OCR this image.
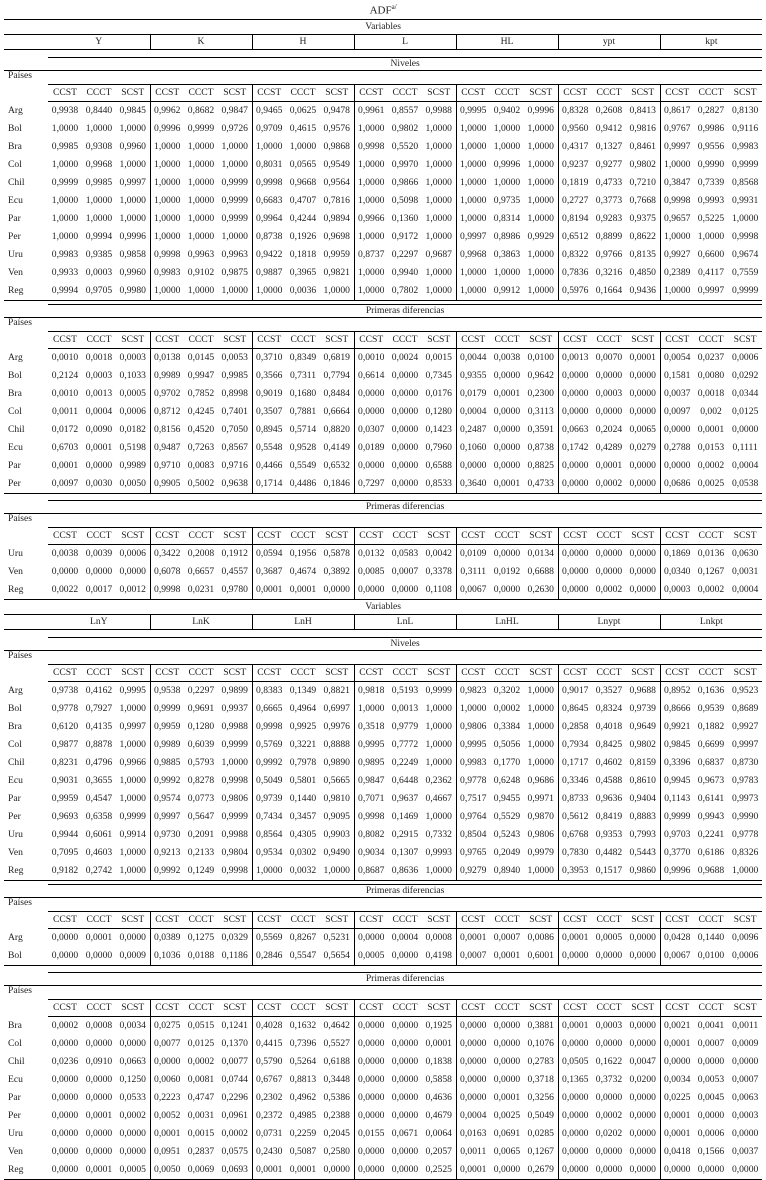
$ADF^{a/}$
Variables																					
	Y			K			H			L			HL			ypt			kpt		

	Niveles																				
Países																					
	CCST	CCCT	SCST	CCST	CCCT	SCST	CCST	CCCT	SCST	CCST	CCCT	SCST	CCST	CCCT	SCST	CCST	CCCT	SCST	CCST	CCCT	SCST
Arg	0,9938	0,8440	0,9845	0,9962	0,8682	0,9847	0,9465	0,0625	0,9478	0,9961	0,8557	0,9988	0,9995	0,9402	0,9996	0,8328	0,2608	0,8413	0,8617	0,2827	0,8130
Bol	1,0000	1,0000	1,0000	0,9996	0,9999	0,9726	0,9709	0,4615	0,9576	1,0000	0,9802	1,0000	1,0000	1,0000	1,0000	0,9560	0,9412	0,9816	0,9767	0,9986	0,9116
Bra	0,9985	0,9308	0,9960	1,0000	1,0000	1,0000	1,0000	1,0000	0,9868	0,9998	0,5520	1,0000	1,0000	1,0000	1,0000	0,4317	0,1327	0,8461	0,9997	0,9556	0,9983
Col	1,0000	0,9968	1,0000	1,0000	1,0000	1,0000	0,8031	0,0565	0,9549	1,0000	0,9970	1,0000	1,0000	0,9996	1,0000	0,9237	0,9277	0,9802	1,0000	0,9990	0,9999
Chil	0,9999	0,9985	0,9997	1,0000	1,0000	0,9999	0,9998	0,9668	0,9564	1,0000	0,9866	1,0000	1,0000	1,0000	1,0000	0,1819	0,4733	0,7210	0,3847	0,7339	0,8568
Ecu	1,0000	1,0000	1,0000	1,0000	1,0000	0,9999	0,6683	0,4707	0,7816	1,0000	0,5098	1,0000	1,0000	0,9735	1,0000	0,2727	0,3773	0,7668	0,9998	0,9993	0,9931
Par	1,0000	1,0000	1,0000	1,0000	1,0000	0,9999	0,9964	0,4244	0,9894	0,9966	0,1360	1,0000	1,0000	0,8314	1,0000	0,8194	0,9283	0,9375	0,9657	0,5225	1,0000
Per	1,0000	0,9994	0,9996	1,0000	1,0000	1,0000	0,8738	0,1926	0,9698	1,0000	0,9172	1,0000	0,9997	0,8986	0,9929	0,6512	0,8899	0,8622	1,0000	1,0000	0,9998
Uru	0,9983	0,9385	0,9858	0,9998	0,9963	0,9963	0,9422	0,1818	0,9959	0,8737	0,2297	0,9687	0,9968	0,3863	1,0000	0,8322	0,9766	0,8135	0,9927	0,6600	0,9674
Ven	0,9933	0,0003	0,9960	0,9983	0,9102	0,9875	0,9887	0,3965	0,9821	1,0000	0,9940	1,0000	1,0000	1,0000	1,0000	0,7836	0,3216	0,4850	0,2389	0,4117	0,7559
Reg	0,9994	0,9705	0,9980	1,0000	1,0000	1,0000	1,0000	0,0036	1,0000	1,0000	0,7802	1,0000	1,0000	0,9912	1,0000	0,5976	0,1664	0,9436	1,0000	0,9997	0,9999

	Primeras diferencias																				
Países																					
	CCST	CCCT	SCST	CCST	CCCT	SCST	CCST	CCCT	SCST	CCST	CCCT	SCST	CCST	CCCT	SCST	CCST	CCCT	SCST	CCST	CCCT	SCST
Arg	0,0010	0,0018	0,0003	0,0138	0,0145	0,0053	0,3710	0,8349	0,6819	0,0010	0,0024	0,0015	0,0044	0,0038	0,0100	0,0013	0,0070	0,0001	0,0054	0,0237	0,0006
Bol	0,2124	0,0003	0,1033	0,9989	0,9947	0,9985	0,3566	0,7311	0,7794	0,6614	0,0000	0,7345	0,9355	0,0000	0,9642	0,0000	0,0000	0,0000	0,1581	0,0080	0,0292
Bra	0,0010	0,0013	0,0005	0,9702	0,7852	0,8998	0,9019	0,1680	0,8484	0,0000	0,0000	0,0176	0,0179	0,0001	0,2300	0,0000	0,0003	0,0000	0,0037	0,0018	0,0344
Col	0,0011	0,0004	0,0006	0,8712	0,4245	0,7401	0,3507	0,7881	0,6664	0,0000	0,0000	0,1280	0,0004	0,0000	0,3113	0,0000	0,0000	0,0000	0,0097	0,002	0,0125
Chil	0,0172	0,0090	0,0182	0,8156	0,4520	0,7050	0,8945	0,5714	0,8820	0,0307	0,0000	0,1423	0,2487	0,0000	0,3591	0,0663	0,2024	0,0065	0,0000	0,0001	0,0000
Ecu	0,6703	0,0001	0,5198	0,9487	0,7263	0,8567	0,5548	0,9528	0,4149	0,0189	0,0000	0,7960	0,1060	0,0000	0,8738	0,1742	0,4289	0,0279	0,2788	0,0153	0,1111
Par	0,0001	0,0000	0,9989	0,9710	0,0083	0,9716	0,4466	0,5549	0,6532	0,0000	0,0000	0,6588	0,0000	0,0000	0,8825	0,0000	0,0001	0,0000	0,0000	0,0002	0,0004
Per	0,0097	0,0030	0,0050	0,9905	0,5002	0,9638	0,1714	0,4486	0,1846	0,7297	0,0000	0,8533	0,3640	0,0001	0,4733	0,0000	0,0002	0,0000	0,0686	0,0025	0,0538

	Primeras diferencias																				
Países																					
	CCST	CCCT	SCST	CCST	CCCT	SCST	CCST	CCCT	SCST	CCST	CCCT	SCST	CCST	CCCT	SCST	CCST	CCCT	SCST	CCST	CCCT	SCST
Uru	0,0038	0,0039	0,0006	0,3422	0,2008	0,1912	0,0594	0,1956	0,5878	0,0132	0,0583	0,0042	0,0109	0,0000	0,0134	0,0000	0,0000	0,0000	0,1869	0,0136	0,0630
Ven	0,0000	0,0000	0,0000	0,6078	0,6657	0,4557	0,3687	0,4674	0,3892	0,0085	0,0007	0,3378	0,3111	0,0192	0,6688	0,0000	0,0000	0,0000	0,0340	0,1267	0,0031
Reg	0,0022	0,0017	0,0012	0,9998	0,0231	0,9780	0,0001	0,0001	0,0000	0,0000	0,0000	0,1108	0,0067	0,0000	0,2630	0,0000	0,0002	0,0000	0,0003	0,0002	0,0004
Variables																					
	LnY			LnK			LnH			LnL			LnHL			Lnypt			Lnkpt		

	Niveles																				
Países																					
	CCST	CCCT	SCST	CCST	CCCT	SCST	CCST	CCCT	SCST	CCST	CCCT	SCST	CCST	CCCT	SCST	CCST	CCCT	SCST	CCST	CCCT	SCST
Arg	0,9738	0,4162	0,9995	0,9538	0,2297	0,9899	0,8383	0,1349	0,8821	0,9818	0,5193	0,9999	0,9823	0,3202	1,0000	0,9017	0,3527	0,9688	0,8952	0,1636	0,9523
Bol	0,9778	0,7927	1,0000	0,9999	0,9691	0,9937	0,6665	0,4964	0,6997	1,0000	0,0013	1,0000	1,0000	0,0002	1,0000	0,8645	0,8324	0,9739	0,8666	0,9539	0,8689
Bra	0,6120	0,4135	0,9997	0,9959	0,1280	0,9988	0,9998	0,9925	0,9976	0,3518	0,9779	1,0000	0,9806	0,3384	1,0000	0,2858	0,4018	0,9649	0,9921	0,1882	0,9927
Col	0,9877	0,8878	1,0000	0,9989	0,6039	0,9999	0,5769	0,3221	0,8888	0,9995	0,7772	1,0000	0,9995	0,5056	1,0000	0,7934	0,8425	0,9802	0,9845	0,6699	0,9997
Chil	0,8231	0,4796	0,9966	0,9885	0,5793	1,0000	0,9992	0,7978	0,9890	0,9895	0,2249	1,0000	0,9983	0,1770	1,0000	0,1717	0,4602	0,8159	0,3396	0,6837	0,8730
Ecu	0,9031	0,3655	1,0000	0,9992	0,8278	0,9998	0,5049	0,5801	0,5665	0,9847	0,6448	0,2362	0,9778	0,6248	0,9686	0,3346	0,4588	0,8610	0,9945	0,9673	0,9783
Par	0,9959	0,4547	1,0000	0,9574	0,0773	0,9806	0,9739	0,1440	0,9810	0,7071	0,9637	0,4667	0,7517	0,9455	0,9971	0,8733	0,9636	0,9404	0,1143	0,6141	0,9973
Per	0,9693	0,6358	0,9999	0,9997	0,5647	0,9999	0,7434	0,3457	0,9095	0,9998	0,1469	1,0000	0,9764	0,5529	0,9870	0,5612	0,8419	0,8883	0,9999	0,9943	0,9990
Uru	0,9944	0,6061	0,9914	0,9730	0,2091	0,9988	0,8564	0,4305	0,9903	0,8082	0,2915	0,7332	0,8504	0,5243	0,9806	0,6768	0,9353	0,7993	0,9703	0,2241	0,9778
Ven	0,7095	0,4603	1,0000	0,9213	0,2133	0,9804	0,9534	0,0302	0,9490	0,9034	0,1307	0,9993	0,9765	0,2049	0,9979	0,7830	0,4482	0,5443	0,3770	0,6186	0,8326
Reg	0,9182	0,2742	1,0000	0,9992	0,1249	0,9998	1,0000	0,0032	1,0000	0,8687	0,8636	1,0000	0,9279	0,8940	1,0000	0,3953	0,1517	0,9860	0,9996	0,9688	1,0000

	Primeras diferencias																				
Países																					
	CCST	CCCT	SCST	CCST	CCCT	SCST	CCST	CCCT	SCST	CCST	CCCT	SCST	CCST	CCCT	SCST	CCST	CCCT	SCST	CCST	CCCT	SCST
Arg	0,0000	0,0001	0,0000	0,0389	0,1275	0,0329	0,5569	0,8267	0,5231	0,0000	0,0004	0,0008	0,0001	0,0007	0,0086	0,0001	0,0005	0,0000	0,0428	0,1440	0,0096
Bol	0,0000	0,0000	0,0009	0,1036	0,0188	0,1186	0,2846	0,5547	0,5654	0,0005	0,0000	0,4198	0,0007	0,0001	0,6001	0,0000	0,0000	0,0000	0,0067	0,0100	0,0006

	Primeras diferencias																				
Países																					
	CCST	CCCT	SCST	CCST	CCCT	SCST	CCST	CCCT	SCST	CCST	CCCT	SCST	CCST	CCCT	SCST	CCST	CCCT	SCST	CCST	CCCT	SCST
Bra	0,0002	0,0008	0,0034	0,0275	0,0515	0,1241	0,4028	0,1632	0,4642	0,0000	0,0000	0,1925	0,0000	0,0000	0,3881	0,0001	0,0003	0,0000	0,0021	0,0041	0,0011
Col	0,0000	0,0000	0,0000	0,0077	0,0125	0,1370	0,4415	0,7396	0,5527	0,0000	0,0000	0,0001	0,0000	0,0000	0,1076	0,0000	0,0000	0,0000	0,0001	0,0007	0,0009
Chil	0,0236	0,0910	0,0663	0,0000	0,0002	0,0077	0,5790	0,5264	0,6188	0,0000	0,0000	0,1838	0,0000	0,0000	0,2783	0,0505	0,1622	0,0047	0,0000	0,0000	0,0000
Ecu	0,0000	0,0000	0,1250	0,0060	0,0081	0,0744	0,6767	0,8813	0,3448	0,0000	0,0000	0,5858	0,0000	0,0000	0,3718	0,1365	0,3732	0,0200	0,0034	0,0053	0,0007
Par	0,0000	0,0000	0,0533	0,2223	0,4747	0,2296	0,2302	0,4962	0,5386	0,0000	0,0000	0,4636	0,0000	0,0001	0,3256	0,0000	0,0000	0,0000	0,0225	0,0045	0,0063
Per	0,0000	0,0001	0,0002	0,0052	0,0031	0,0961	0,2372	0,4985	0,2388	0,0000	0,0000	0,4679	0,0004	0,0025	0,5049	0,0000	0,0002	0,0000	0,0001	0,0000	0,0003
Uru	0,0000	0,0000	0,0000	0,0001	0,0015	0,0002	0,0731	0,2259	0,2045	0,0155	0,0671	0,0064	0,0163	0,0691	0,0285	0,0000	0,0202	0,0000	0,0001	0,0006	0,0000
Ven	0,0000	0,0000	0,0000	0,0951	0,2837	0,0575	0,2430	0,5087	0,2580	0,0000	0,0000	0,2057	0,0011	0,0065	0,1267	0,0000	0,0000	0,0000	0,0418	0,1566	0,0037
Reg	0,0000	0,0001	0,0005	0,0050	0,0069	0,0693	0,0001	0,0001	0,0000	0,0000	0,0000	0,2525	0,0001	0,0000	0,2679	0,0000	0,0000	0,0000	0,0000	0,0000	0,0000
